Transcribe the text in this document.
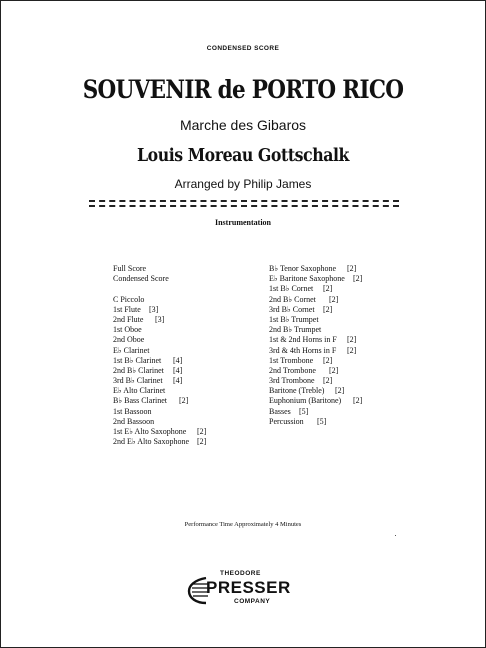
CONDENSED SCORE
SOUVENIR de PORTO RICO
Marche des Gibaros
Louis Moreau Gottschalk
Arranged by Philip James
Instrumentation
Full Score
Condensed Score
C Piccolo
1st Flute [3]
2nd Flute [3]
1st Oboe
2nd Oboe
E♭ Clarinet
1st B♭ Clarinet [4]
2nd B♭ Clarinet [4]
3rd B♭ Clarinet [4]
E♭ Alto Clarinet
B♭ Bass Clarinet [2]
1st Bassoon
2nd Bassoon
1st E♭ Alto Saxophone [2]
2nd E♭ Alto Saxophone [2]
B♭ Tenor Saxophone [2]
E♭ Baritone Saxophone [2]
1st B♭ Cornet [2]
2nd B♭ Cornet [2]
3rd B♭ Cornet [2]
1st B♭ Trumpet
2nd B♭ Trumpet
1st & 2nd Horns in F [2]
3rd & 4th Horns in F [2]
1st Trombone [2]
2nd Trombone [2]
3rd Trombone [2]
Baritone (Treble) [2]
Euphonium (Baritone) [2]
Basses [5]
Percussion [5]
Performance Time Approximately 4 Minutes
THEODORE
PRESSER
COMPANY
